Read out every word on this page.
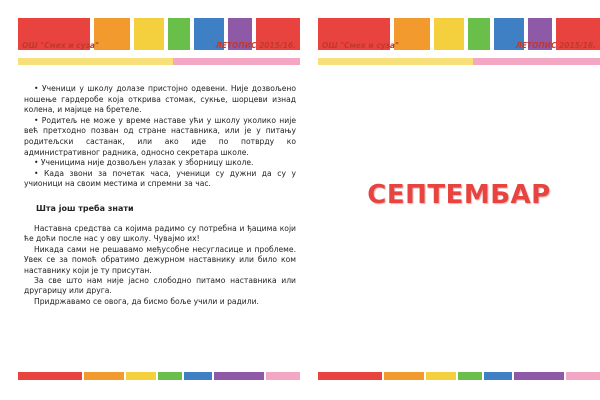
ОШ "Смех и суза"	ЛЕТОПИС 2015/16.

• Ученици у школу долазе пристојно одевени. Није дозвољено ношење гардеробе која открива стомак, сукње, шорцеви изнад колена, и мајице на бретеле.

• Родитељ не може у време наставе ући у школу уколико није већ претходно позван од стране наставника, или је у питању родитељски састанак, или ако иде по потврду ко административног радника, односно секретара школе.

• Ученицима није дозвољен улазак у зборницу школе.

• Када звони за почетак часа, ученици су дужни да су у учионици на своим местима и спремни за час.

Шта још треба знати

Наставна средства са којима радимо су потребна и ђацима који ће доћи после нас у ову школу. Чувајмо их!

Никада сами не решавамо међусобне несугласице и проблеме. Увек се за помоћ обратимо дежурном наставнику или било ком наставнику који је ту присутан.

За све што нам није јасно слободно питамо наставника или другарицу или друга.

Придржавамо се овога, да бисмо боље учили и радили.

ОШ "Смех и суза"	ЛЕТОПИС 2015/16.
СЕПТЕМБАР
